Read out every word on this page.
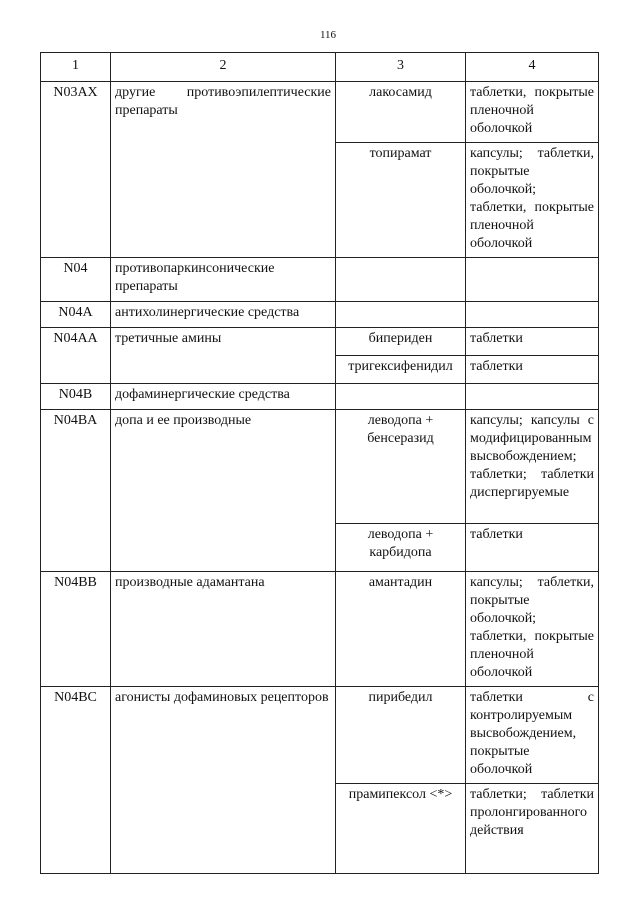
116
1	2	3	4
N03AX	другие противоэпилептические препараты	лакосамид	таблетки, покрытые пленочной оболочкой
		топирамат	капсулы; таблетки, покрытые оболочкой; таблетки, покрытые пленочной оболочкой
N04	противопаркинсонические препараты		
N04A	антихолинергические средства		
N04AA	третичные амины	бипериден	таблетки
		тригексифенидил	таблетки
N04B	дофаминергические средства		
N04BA	допа и ее производные	леводопа + бенсеразид	капсулы; капсулы с модифицированным высвобождением; таблетки; таблетки диспергируемые
		леводопа + карбидопа	таблетки
N04BB	производные адамантана	амантадин	капсулы; таблетки, покрытые оболочкой; таблетки, покрытые пленочной оболочкой
N04BC	агонисты дофаминовых рецепторов	пирибедил	таблетки с контролируемым высвобождением, покрытые оболочкой
		прамипексол <*>	таблетки; таблетки пролонгированного действия
